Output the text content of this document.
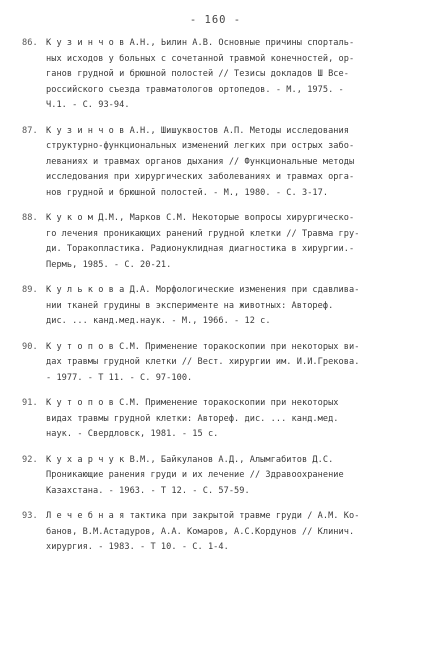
- 160 -
86. К у з и н ч о в А.Н., Ьилин А.В. Основные причины спорталь-
ных исходов у больных с сочетанной травмой конечностей, ор-
ганов грудной и брюшной полостей // Тезисы докладов Ш Все-
российского съезда травматологов ортопедов. - М., 1975. -
Ч.1. - С. 93-94.
87. К у з и н ч о в А.Н., Шишуквостов А.П. Методы исследования
структурно-функциональных изменений легких при острых забо-
леваниях и травмах органов дыхания // Функциональные методы
исследования при хирургических заболеваниях и травмах орга-
нов грудной и брюшной полостей. - М., 1980. - С. 3-17.
88. К у к о м Д.М., Марков С.М. Некоторые вопросы хирургическо-
го лечения проникающих ранений грудной клетки // Травма гру-
ди. Торакопластика. Радионуклидная диагностика в хирургии.-
Пермь, 1985. - С. 20-21.
89. К у л ь к о в а Д.А. Морфологические изменения при сдавлива-
нии тканей грудины в эксперименте на животных: Автореф.
дис. ... канд.мед.наук. - М., 1966. - 12 с.
90. К у т о п о в С.М. Применение торакоскопии при некоторых ви-
дах травмы грудной клетки // Вест. хирургии им. И.И.Грекова.
- 1977. - Т 11. - С. 97-100.
91. К у т о п о в С.М. Применение торакоскопии при некоторых
видах травмы грудной клетки: Автореф. дис. ... канд.мед.
наук. - Свердловск, 1981. - 15 с.
92. К у х а р ч у к В.М., Байкуланов А.Д., Алымгабитов Д.С.
Проникающие ранения груди и их лечение // Здравоохранение
Казахстана. - 1963. - Т 12. - С. 57-59.
93. Л е ч е б н а я тактика при закрытой травме груди / А.М. Ко-
банов, В.М.Астадуров, А.А. Комаров, А.С.Кордунов // Клинич.
хирургия. - 1983. - Т 10. - С. 1-4.
